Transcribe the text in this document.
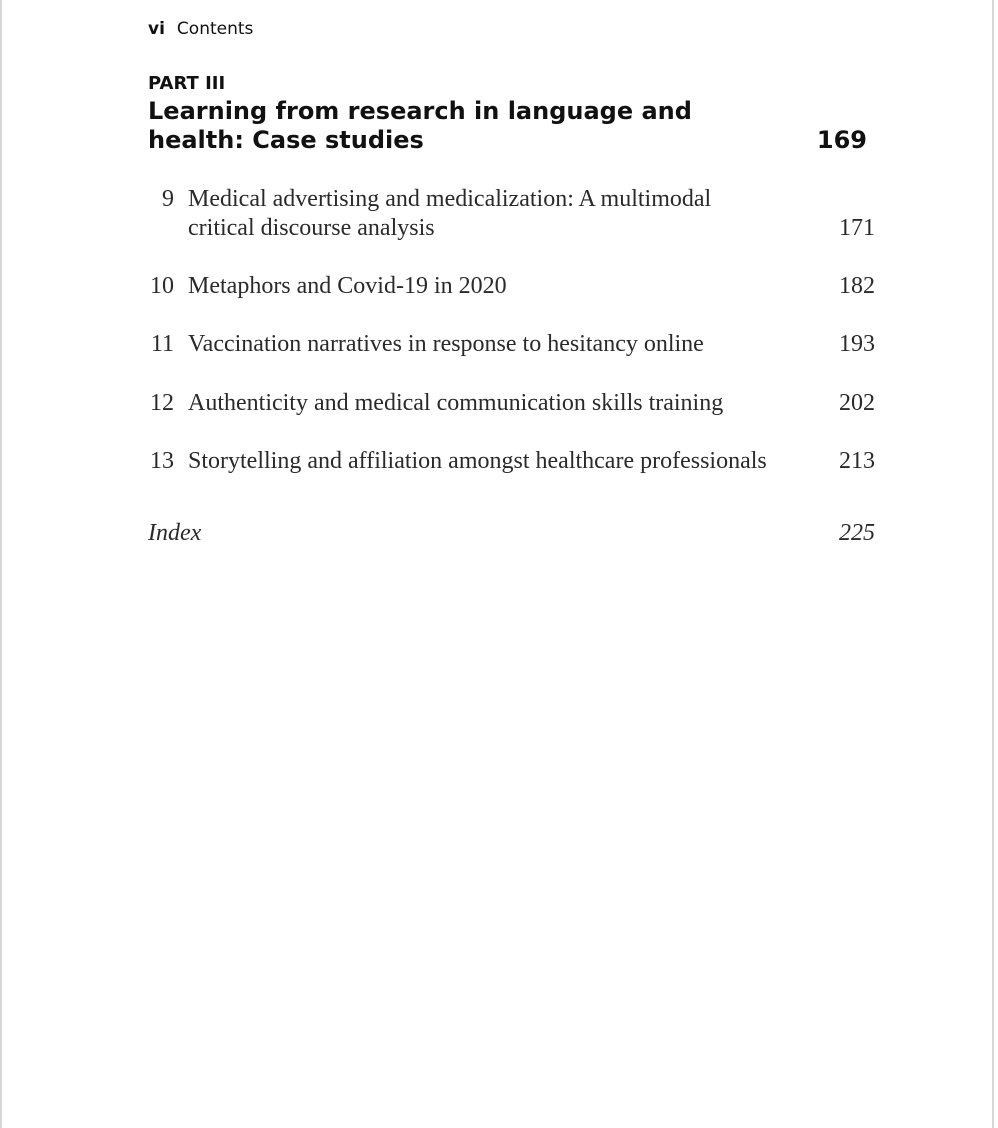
vi Contents
PART III
Learning from research in language and health: Case studies	169
9 Medical advertising and medicalization: A multimodal critical discourse analysis	171
10 Metaphors and Covid-19 in 2020	182
11 Vaccination narratives in response to hesitancy online	193
12 Authenticity and medical communication skills training	202
13 Storytelling and affiliation amongst healthcare professionals	213
Index	225
